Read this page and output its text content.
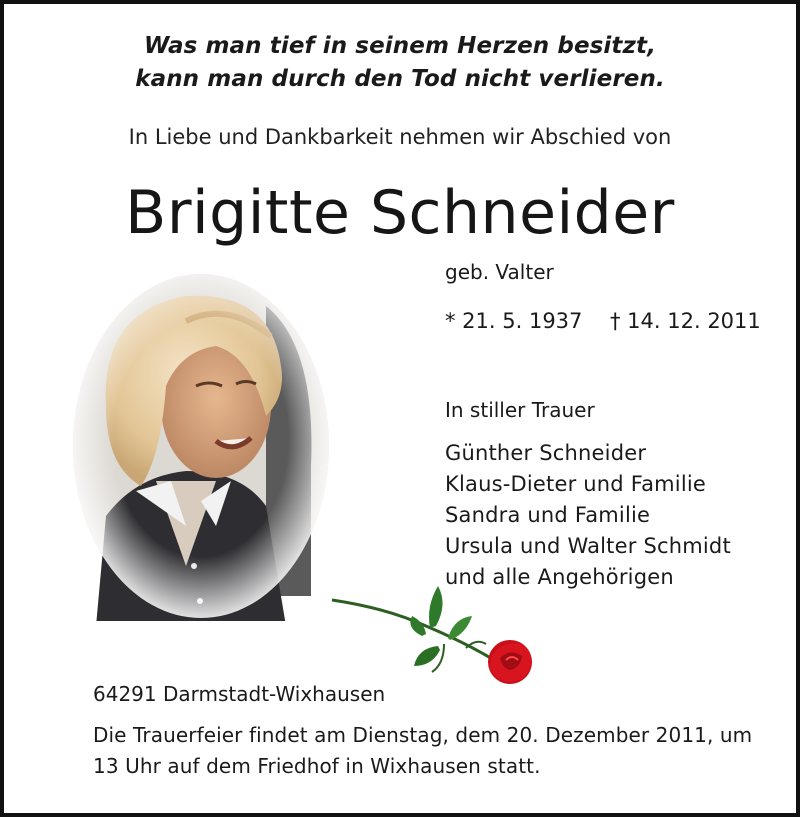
Was man tief in seinem Herzen besitzt,
kann man durch den Tod nicht verlieren.
In Liebe und Dankbarkeit nehmen wir Abschied von
Brigitte Schneider
geb. Valter
* 21. 5. 1937 † 14. 12. 2011
In stiller Trauer
Günther Schneider
Klaus-Dieter und Familie
Sandra und Familie
Ursula und Walter Schmidt
und alle Angehörigen
64291 Darmstadt-Wixhausen
Die Trauerfeier findet am Dienstag, dem 20. Dezember 2011, um 13 Uhr auf dem Friedhof in Wixhausen statt.
